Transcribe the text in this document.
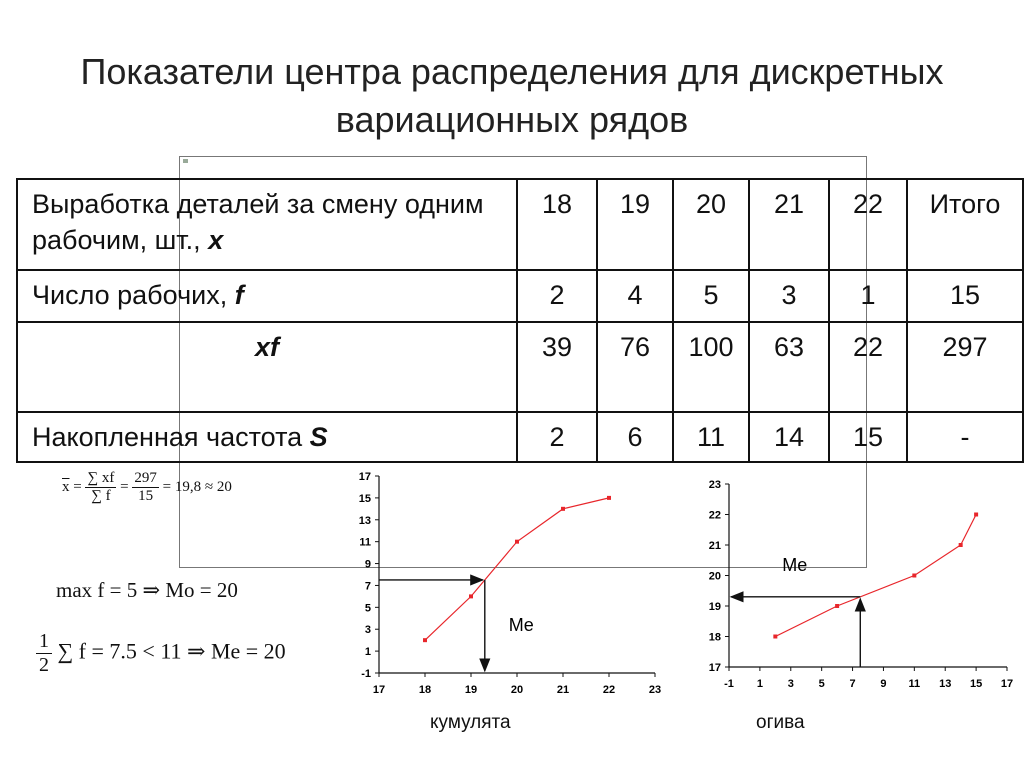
Показатели центра распределения для дискретных вариационных рядов
Выработка деталей за смену одним рабочим, шт., x	18	19	20	21	22	Итого
Число рабочих, f	2	4	5	3	1	15
xf	39	76	100	63	22	297
Накопленная частота S	2	6	11	14	15	-
$\overline{x} = \frac{\sum xf}{\sum f} = \frac{297}{15} = 19,8 \approx 20$
max f = 5 ⇒ Mo = 20
$\frac{1}{2}$ ∑ f = 7.5 < 11 ⇒ Me = 20
-1
1
3
5
7
9
11
13
15
17
17	18	19	20	21	22	23
Me
17
18
19
20
21
22
23
-1 1 3 5 7 9 11 13 15 17
Me
кумулята	огива
